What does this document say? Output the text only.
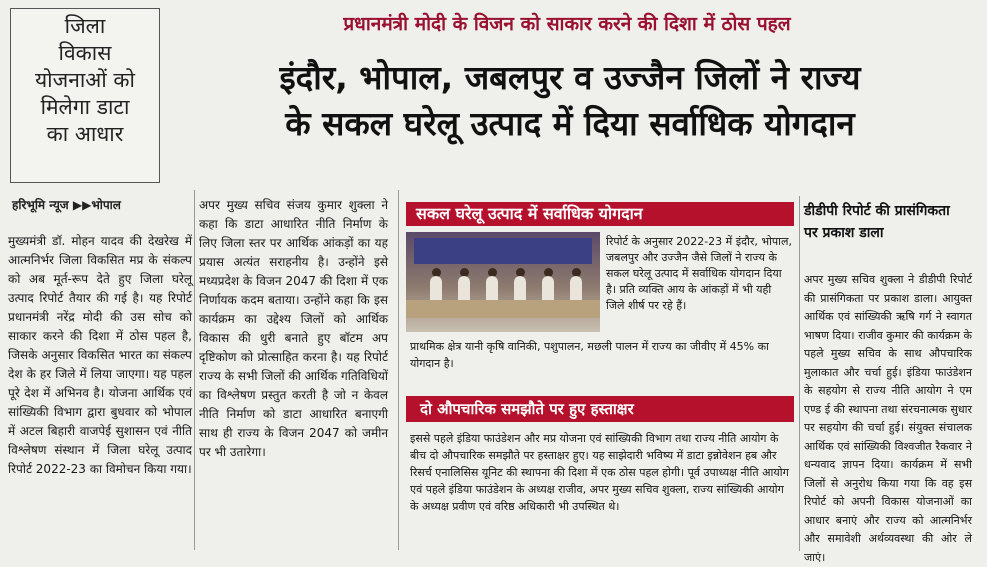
जिला
विकास
योजनाओं को
मिलेगा डाटा
का आधार
प्रधानमंत्री मोदी के विजन को साकार करने की दिशा में ठोस पहल
इंदौर, भोपाल, जबलपुर व उज्जैन जिलों ने राज्य
के सकल घरेलू उत्पाद में दिया सर्वाधिक योगदान
हरिभूमि न्यूज ▶▶भोपाल
मुख्यमंत्री डॉ. मोहन यादव की देखरेख में आत्मनिर्भर जिला विकसित मप्र के संकल्प को अब मूर्त-रूप देते हुए जिला घरेलू उत्पाद रिपोर्ट तैयार की गई है। यह रिपोर्ट प्रधानमंत्री नरेंद्र मोदी की उस सोच को साकार करने की दिशा में ठोस पहल है, जिसके अनुसार विकसित भारत का संकल्प देश के हर जिले में लिया जाएगा। यह पहल पूरे देश में अभिनव है। योजना आर्थिक एवं सांख्यिकी विभाग द्वारा बुधवार को भोपाल में अटल बिहारी वाजपेई सुशासन एवं नीति विश्लेषण संस्थान में जिला घरेलू उत्पाद रिपोर्ट 2022-23 का विमोचन किया गया।
अपर मुख्य सचिव संजय कुमार शुक्ला ने कहा कि डाटा आधारित नीति निर्माण के लिए जिला स्तर पर आर्थिक आंकड़ों का यह प्रयास अत्यंत सराहनीय है। उन्होंने इसे मध्यप्रदेश के विजन 2047 की दिशा में एक निर्णायक कदम बताया। उन्होंने कहा कि इस कार्यक्रम का उद्देश्य जिलों को आर्थिक विकास की धुरी बनाते हुए बॉटम अप दृष्टिकोण को प्रोत्साहित करना है। यह रिपोर्ट राज्य के सभी जिलों की आर्थिक गतिविधियों का विश्लेषण प्रस्तुत करती है जो न केवल नीति निर्माण को डाटा आधारित बनाएगी साथ ही राज्य के विजन 2047 को जमीन पर भी उतारेगा।
सकल घरेलू उत्पाद में सर्वाधिक योगदान
रिपोर्ट के अनुसार 2022-23 में इंदौर, भोपाल, जबलपुर और उज्जैन जैसे जिलों ने राज्य के सकल घरेलू उत्पाद में सर्वाधिक योगदान दिया है। प्रति व्यक्ति आय के आंकड़ों में भी यही जिले शीर्ष पर रहे हैं।
प्राथमिक क्षेत्र यानी कृषि वानिकी, पशुपालन, मछली पालन में राज्य का जीवीए में 45% का योगदान है।
दो औपचारिक समझौते पर हुए हस्ताक्षर
इससे पहले इंडिया फाउंडेशन और मप्र योजना एवं सांख्यिकी विभाग तथा राज्य नीति आयोग के बीच दो औपचारिक समझौते पर हस्ताक्षर हुए। यह साझेदारी भविष्य में डाटा इन्नोवेशन हब और रिसर्च एनालिसिस यूनिट की स्थापना की दिशा में एक ठोस पहल होगी। पूर्व उपाध्यक्ष नीति आयोग एवं पहले इंडिया फाउंडेशन के अध्यक्ष राजीव, अपर मुख्य सचिव शुक्ला, राज्य सांख्यिकी आयोग के अध्यक्ष प्रवीण एवं वरिष्ठ अधिकारी भी उपस्थित थे।
डीडीपी रिपोर्ट की प्रासंगिकता पर प्रकाश डाला
अपर मुख्य सचिव शुक्ला ने डीडीपी रिपोर्ट की प्रासंगिकता पर प्रकाश डाला। आयुक्त आर्थिक एवं सांख्यिकी ऋषि गर्ग ने स्वागत भाषण दिया। राजीव कुमार की कार्यक्रम के पहले मुख्य सचिव के साथ औपचारिक मुलाकात और चर्चा हुई। इंडिया फाउंडेशन के सहयोग से राज्य नीति आयोग ने एम एण्ड ई की स्थापना तथा संरचनात्मक सुधार पर सहयोग की चर्चा हुई। संयुक्त संचालक आर्थिक एवं सांख्यिकी विश्वजीत रैकवार ने धन्यवाद ज्ञापन दिया। कार्यक्रम में सभी जिलों से अनुरोध किया गया कि वह इस रिपोर्ट को अपनी विकास योजनाओं का आधार बनाएं और राज्य को आत्मनिर्भर और समावेशी अर्थव्यवस्था की ओर ले जाएं।
